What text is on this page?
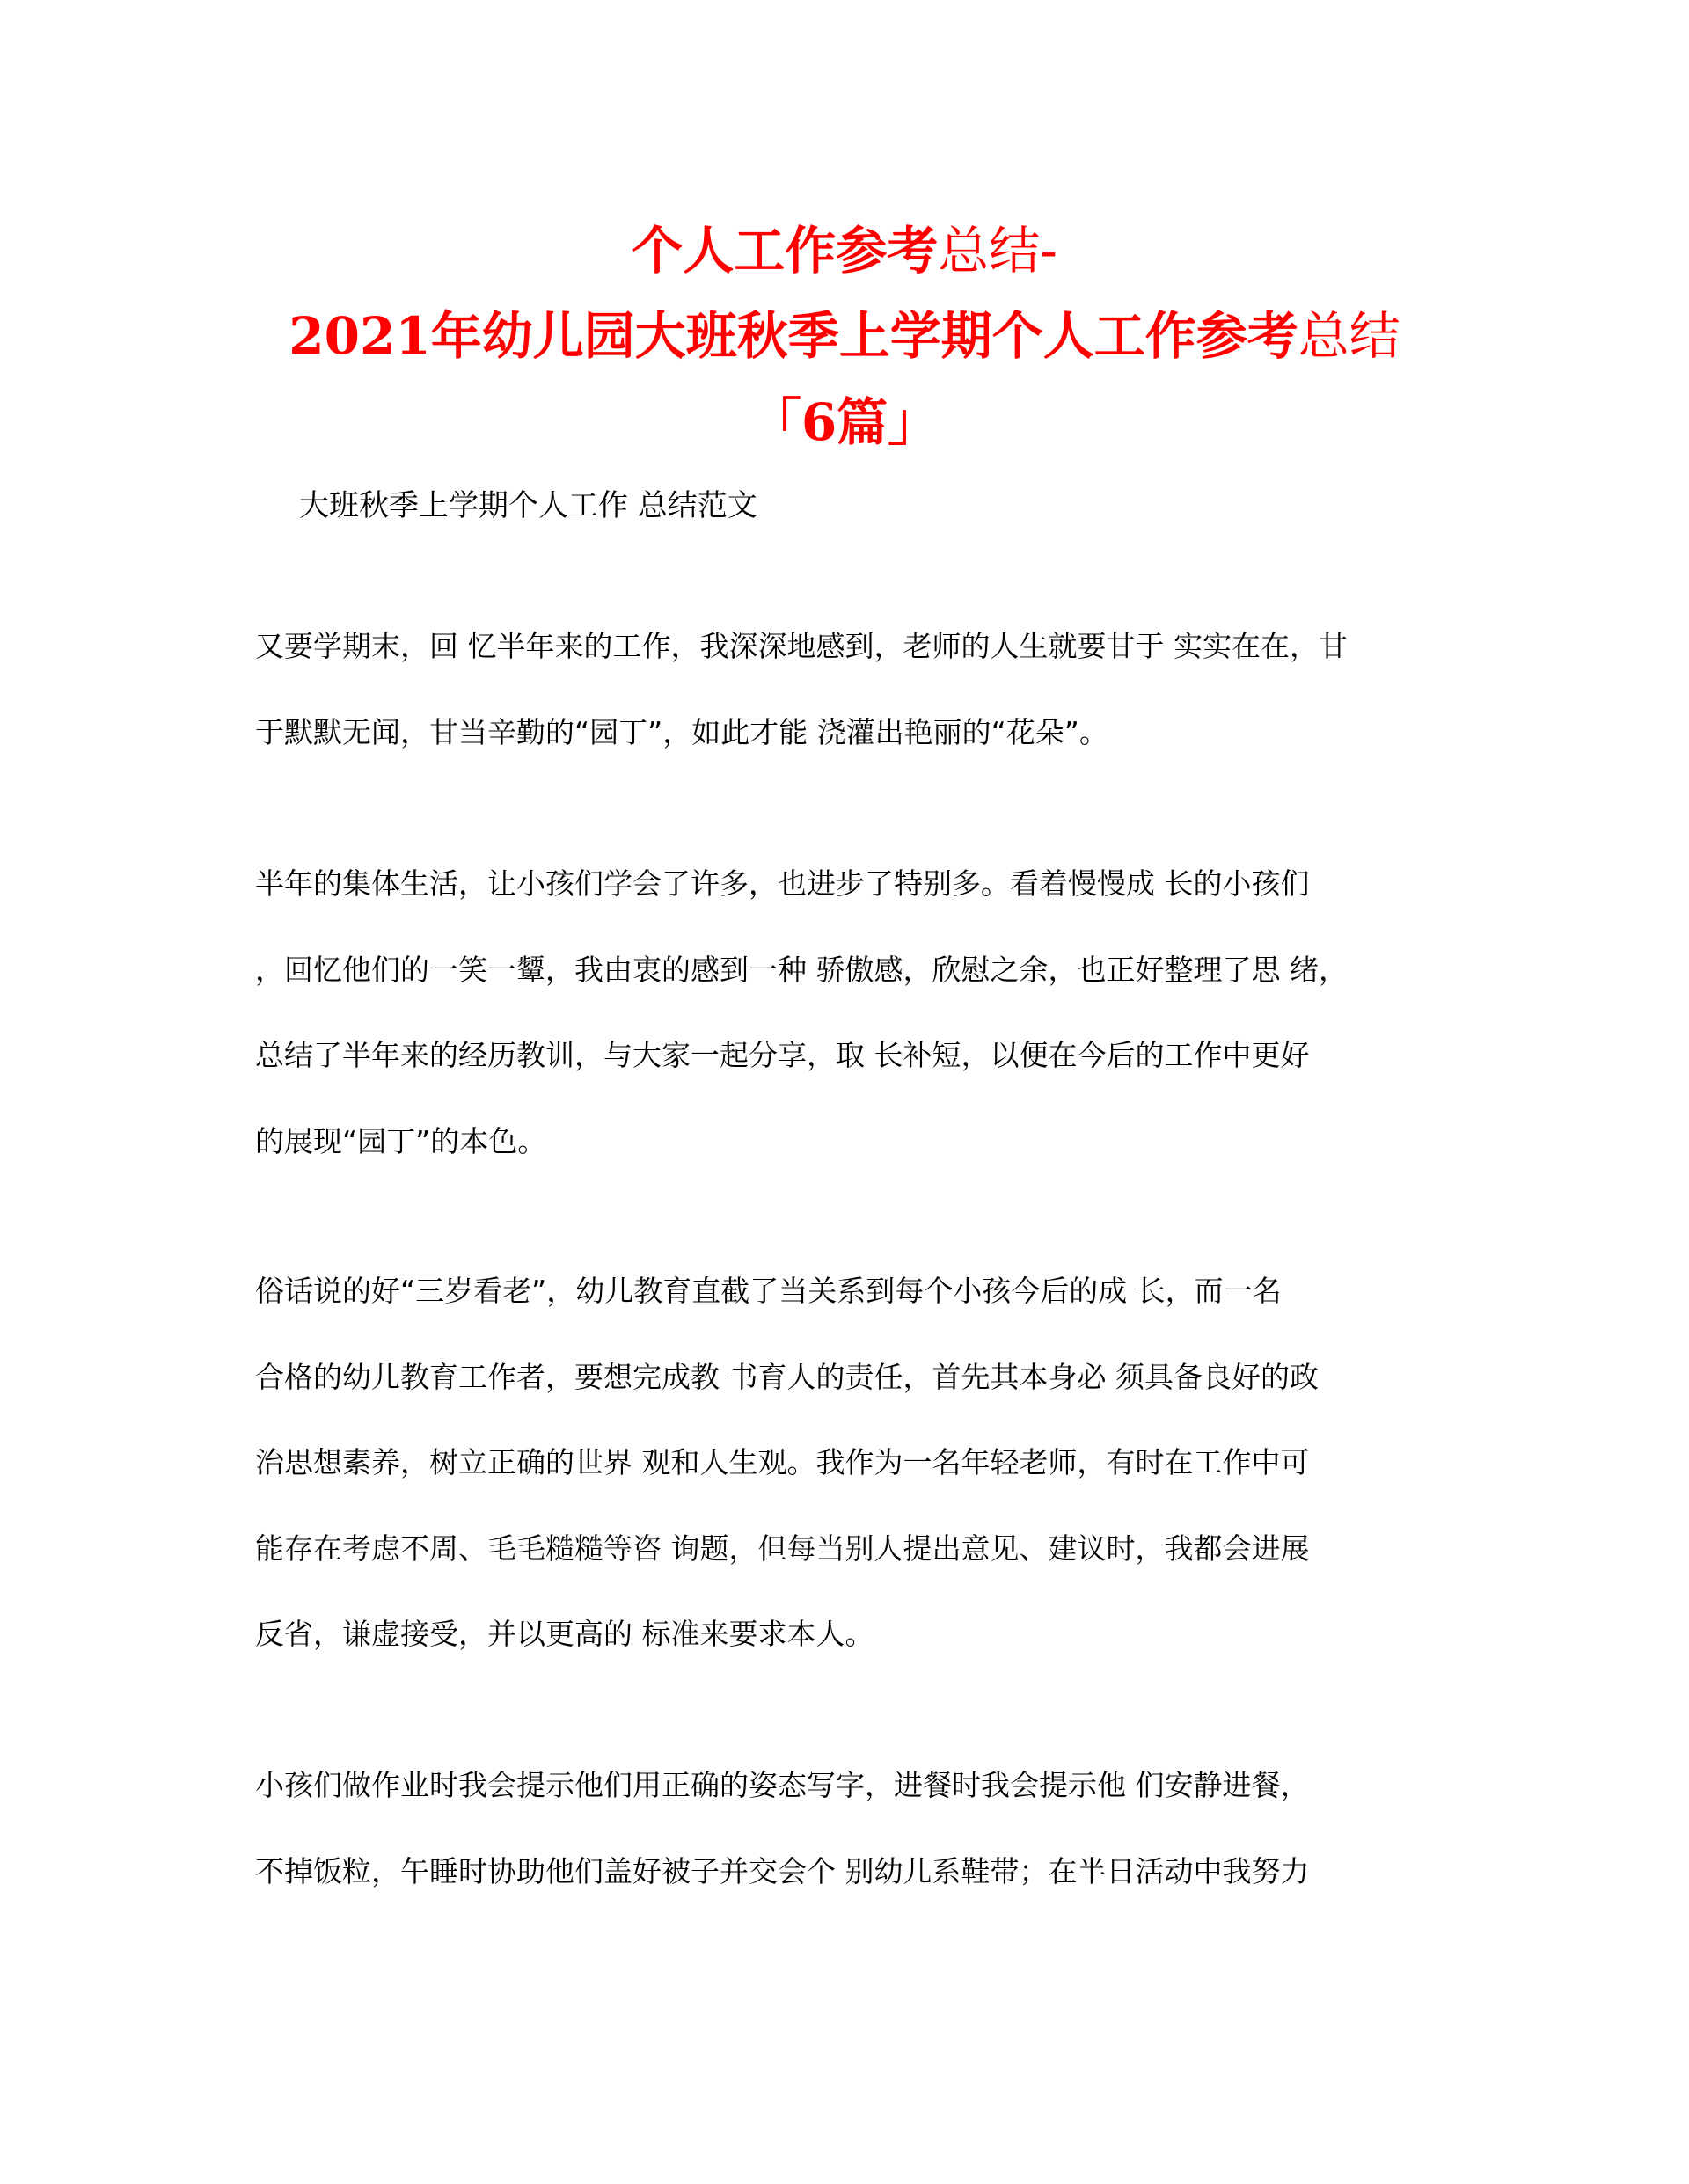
个人工作参考总结-
2021年幼儿园大班秋季上学期个人工作参考总结
「6篇」
大班秋季上学期个人工作 总结范文
又要学期末，回 忆半年来的工作，我深深地感到，老师的人生就要甘于 实实在在，甘
于默默无闻，甘当辛勤的“园丁”，如此才能 浇灌出艳丽的“花朵”。
半年的集体生活，让小孩们学会了许多，也进步了特别多。看着慢慢成 长的小孩们
，回忆他们的一笑一颦，我由衷的感到一种 骄傲感，欣慰之余，也正好整理了思 绪，
总结了半年来的经历教训，与大家一起分享，取 长补短，以便在今后的工作中更好
的展现“园丁”的本色。
俗话说的好“三岁看老”，幼儿教育直截了当关系到每个小孩今后的成 长，而一名
合格的幼儿教育工作者，要想完成教 书育人的责任，首先其本身必 须具备良好的政
治思想素养，树立正确的世界 观和人生观。我作为一名年轻老师，有时在工作中可
能存在考虑不周、毛毛糙糙等咨 询题，但每当别人提出意见、建议时，我都会进展
反省，谦虚接受，并以更高的 标准来要求本人。
小孩们做作业时我会提示他们用正确的姿态写字，进餐时我会提示他 们安静进餐，
不掉饭粒，午睡时协助他们盖好被子并交会个 别幼儿系鞋带；在半日活动中我努力
